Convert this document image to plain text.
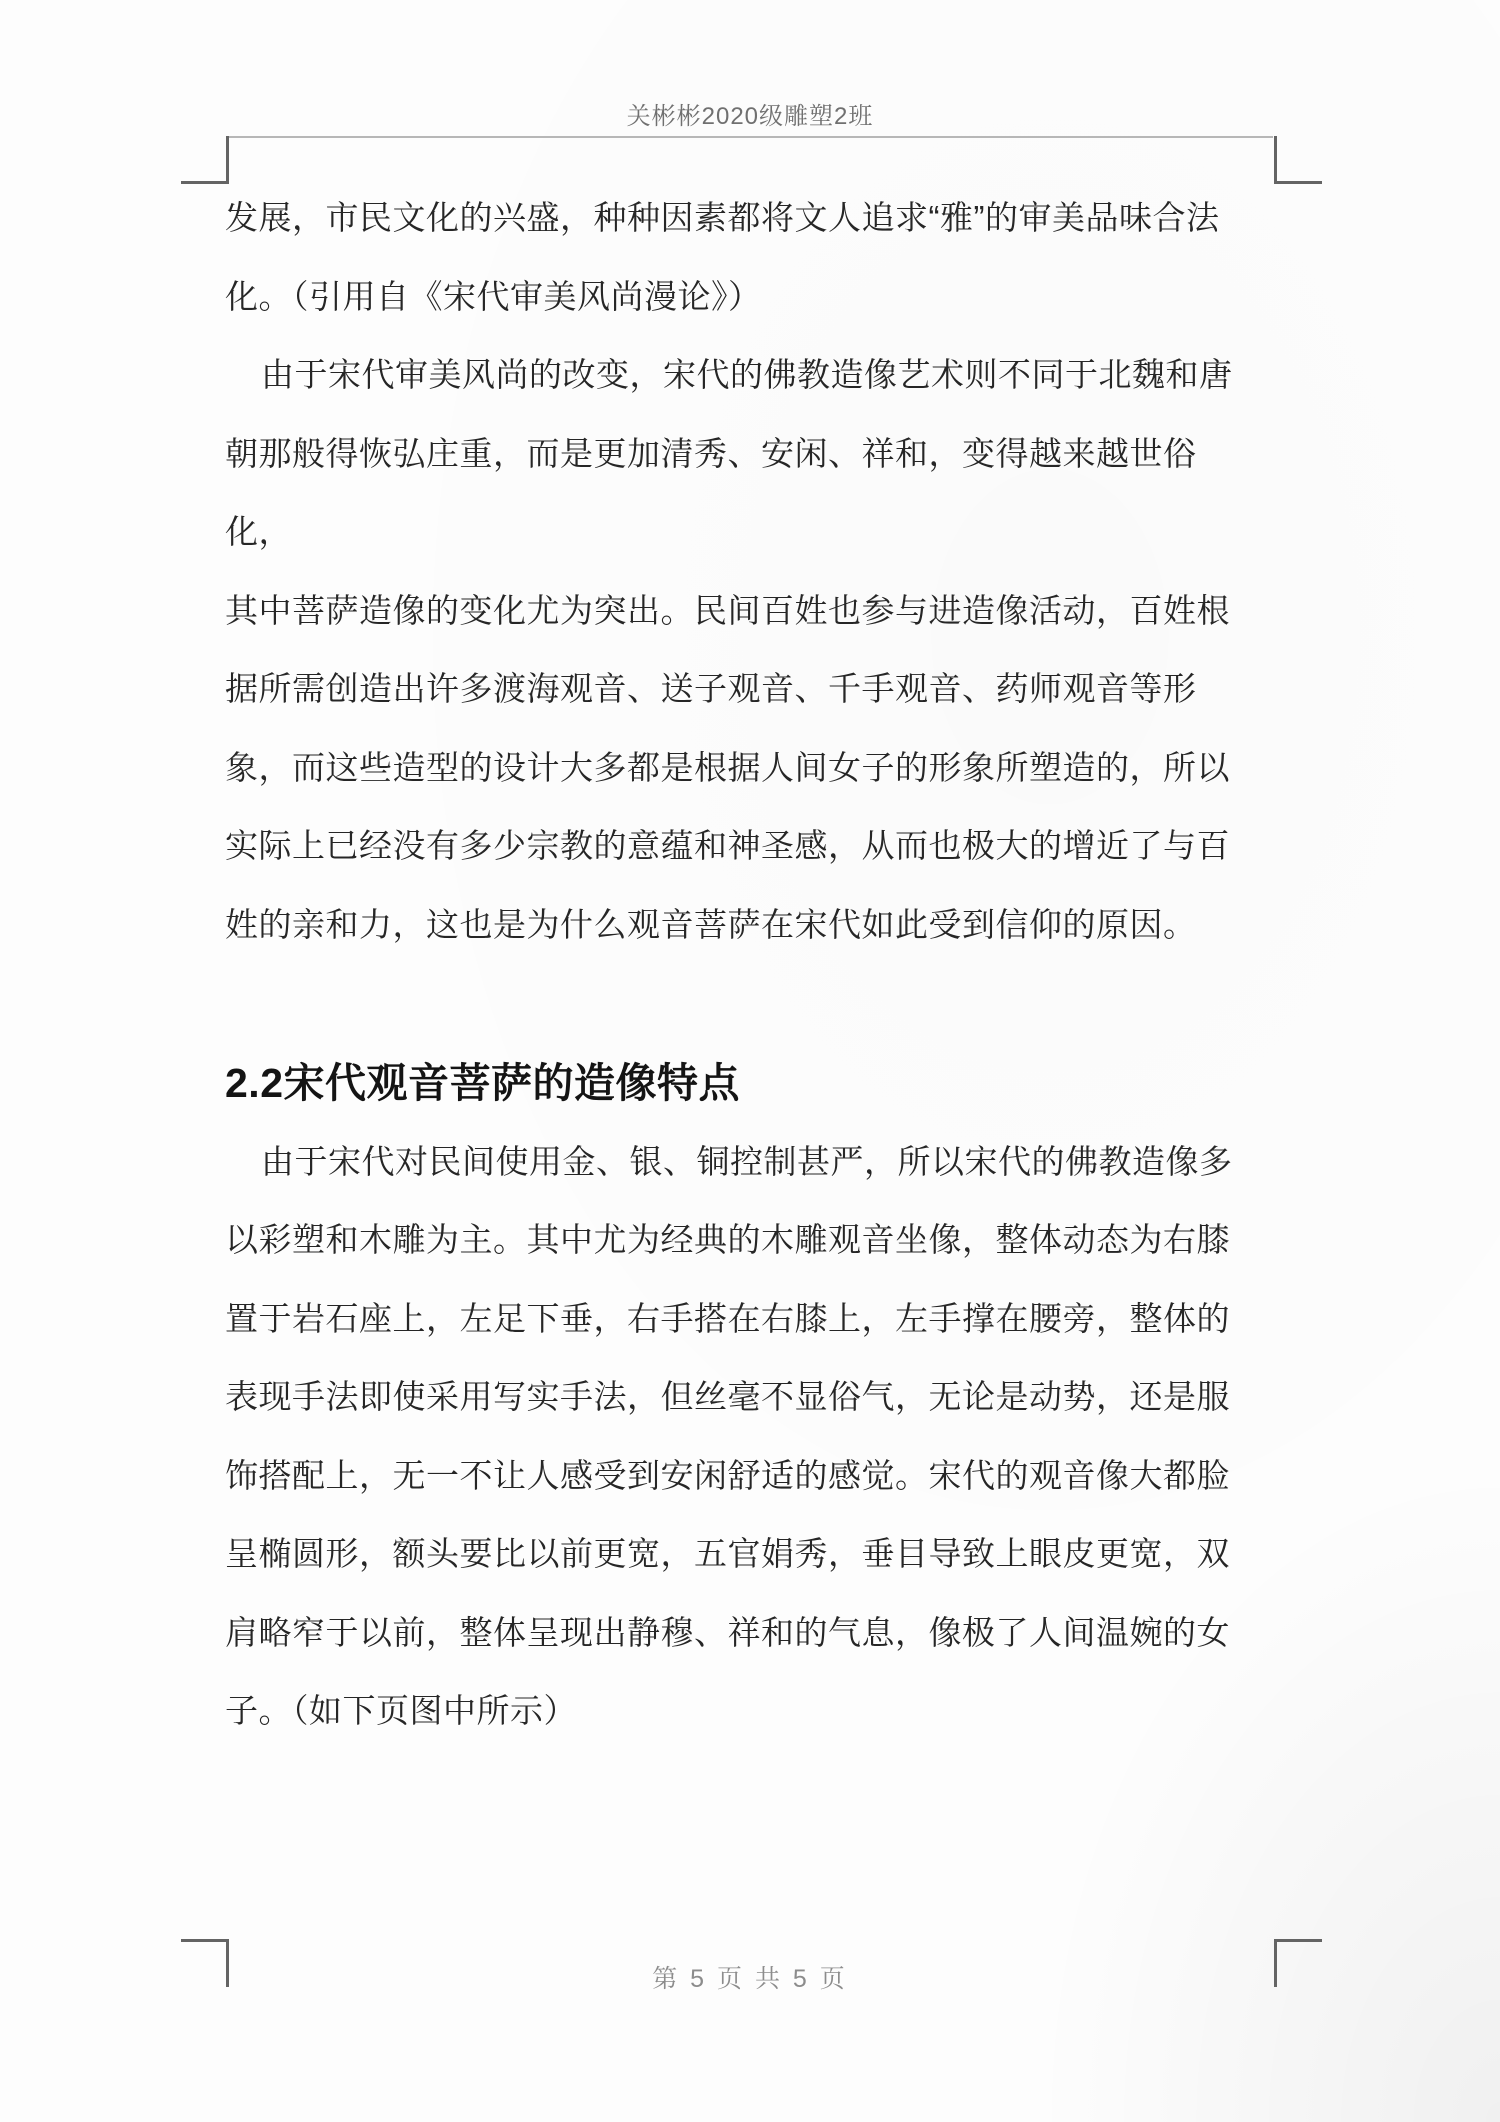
关彬彬2020级雕塑2班
发展，市民文化的兴盛，种种因素都将文人追求“雅”的审美品味合法
化。（引用自《宋代审美风尚漫论》）
由于宋代审美风尚的改变，宋代的佛教造像艺术则不同于北魏和唐
朝那般得恢弘庄重，而是更加清秀、安闲、祥和，变得越来越世俗
化，
其中菩萨造像的变化尤为突出。民间百姓也参与进造像活动，百姓根
据所需创造出许多渡海观音、送子观音、千手观音、药师观音等形
象，而这些造型的设计大多都是根据人间女子的形象所塑造的，所以
实际上已经没有多少宗教的意蕴和神圣感，从而也极大的增近了与百
姓的亲和力，这也是为什么观音菩萨在宋代如此受到信仰的原因。
2.2宋代观音菩萨的造像特点
由于宋代对民间使用金、银、铜控制甚严，所以宋代的佛教造像多
以彩塑和木雕为主。其中尤为经典的木雕观音坐像，整体动态为右膝
置于岩石座上，左足下垂，右手搭在右膝上，左手撑在腰旁，整体的
表现手法即使采用写实手法，但丝毫不显俗气，无论是动势，还是服
饰搭配上，无一不让人感受到安闲舒适的感觉。宋代的观音像大都脸
呈椭圆形，额头要比以前更宽，五官娟秀，垂目导致上眼皮更宽，双
肩略窄于以前，整体呈现出静穆、祥和的气息，像极了人间温婉的女
子。（如下页图中所示）
第 5 页 共 5 页
